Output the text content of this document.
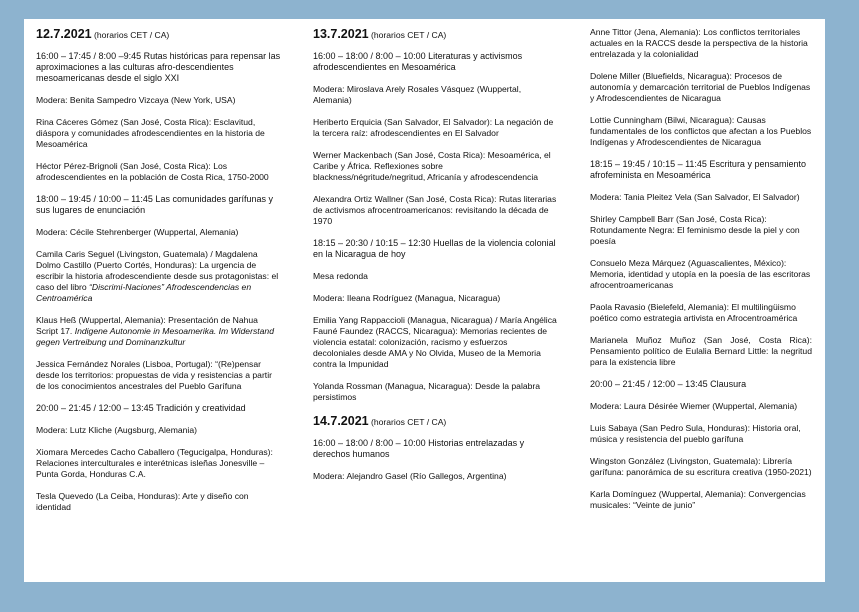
12.7.2021 (horarios CET / CA)
16:00 – 17:45 / 8:00 –9:45 Rutas históricas para repensar las aproximaciones a las culturas afro-descendientes mesoamericanas desde el siglo XXI
Modera: Benita Sampedro Vizcaya (New York, USA)
Rina Cáceres Gómez (San José, Costa Rica): Esclavitud, diáspora y comunidades afrodescendientes en la historia de Mesoamérica
Héctor Pérez-Brignoli (San José, Costa Rica): Los afrodescendientes en la población de Costa Rica, 1750-2000
18:00 – 19:45 / 10:00 – 11:45 Las comunidades garífunas y sus lugares de enunciación
Modera: Cécile Stehrenberger (Wuppertal, Alemania)
Camila Caris Seguel (Livingston, Guatemala) / Magdalena Dolmo Castillo (Puerto Cortés, Honduras): La urgencia de escribir la historia afrodescendiente desde sus protagonistas: el caso del libro “Discrimi-Naciones” Afrodescendencias en Centroamérica
Klaus Heß (Wuppertal, Alemania): Presentación de Nahua Script 17. Indigene Autonomie in Mesoamerika. Im Widerstand gegen Vertreibung und Dominanzkultur
Jessica Fernández Norales (Lisboa, Portugal): “(Re)pensar desde los territorios: propuestas de vida y resistencias a partir de los conocimientos ancestrales del Pueblo Garífuna
20:00 – 21:45 / 12:00 – 13:45 Tradición y creatividad
Modera: Lutz Kliche (Augsburg, Alemania)
Xiomara Mercedes Cacho Caballero (Tegucigalpa, Honduras): Relaciones interculturales e interétnicas isleñas Jonesville – Punta Gorda, Honduras C.A.
Tesla Quevedo (La Ceiba, Honduras): Arte y diseño con identidad
13.7.2021 (horarios CET / CA)
16:00 – 18:00 / 8:00 – 10:00 Literaturas y activismos afrodescendientes en Mesoamérica
Modera: Miroslava Arely Rosales Vásquez (Wuppertal, Alemania)
Heriberto Erquicia (San Salvador, El Salvador): La negación de la tercera raíz: afrodescendientes en El Salvador
Werner Mackenbach (San José, Costa Rica): Mesoamérica, el Caribe y África. Reflexiones sobre blackness/négritude/negritud, Africanía y afrodescendencia
Alexandra Ortiz Wallner (San José, Costa Rica): Rutas literarias de activismos afrocentroamericanos: revisitando la década de 1970
18:15 – 20:30 / 10:15 – 12:30 Huellas de la violencia colonial en la Nicaragua de hoy
Mesa redonda
Modera: Ileana Rodríguez (Managua, Nicaragua)
Emilia Yang Rappaccioli (Managua, Nicaragua) / María Angélica Fauné Faundez (RACCS, Nicaragua): Memorias recientes de violencia estatal: colonización, racismo y esfuerzos decoloniales desde AMA y No Olvida, Museo de la Memoria contra la Impunidad
Yolanda Rossman (Managua, Nicaragua): Desde la palabra persistimos
14.7.2021 (horarios CET / CA)
16:00 – 18:00 / 8:00 – 10:00 Historias entrelazadas y derechos humanos
Modera: Alejandro Gasel (Río Gallegos, Argentina)
Anne Tittor (Jena, Alemania): Los conflictos territoriales actuales en la RACCS desde la perspectiva de la historia entrelazada y la colonialidad
Dolene Miller (Bluefields, Nicaragua): Procesos de autonomía y demarcación territorial de Pueblos Indígenas y Afrodescendientes de Nicaragua
Lottie Cunningham (Bilwi, Nicaragua): Causas fundamentales de los conflictos que afectan a los Pueblos Indígenas y Afrodescendientes de Nicaragua
18:15 – 19:45 / 10:15 – 11:45 Escritura y pensamiento afrofeminista en Mesoamérica
Modera: Tania Pleitez Vela (San Salvador, El Salvador)
Shirley Campbell Barr (San José, Costa Rica): Rotundamente Negra: El feminismo desde la piel y con poesía
Consuelo Meza Márquez (Aguascalientes, México): Memoria, identidad y utopía en la poesía de las escritoras afrocentroamericanas
Paola Ravasio (Bielefeld, Alemania): El multilingüismo poético como estrategia artivista en Afrocentroamérica
Marianela Muñoz Muñoz (San José, Costa Rica): Pensamiento político de Eulalia Bernard Little: la negritud para la existencia libre
20:00 – 21:45 / 12:00 – 13:45 Clausura
Modera: Laura Désirée Wiemer (Wuppertal, Alemania)
Luis Sabaya (San Pedro Sula, Honduras): Historia oral, música y resistencia del pueblo garífuna
Wingston González (Livingston, Guatemala): Librería garífuna: panorámica de su escritura creativa (1950-2021)
Karla Domínguez (Wuppertal, Alemania): Convergencias musicales: “Veinte de junio”
